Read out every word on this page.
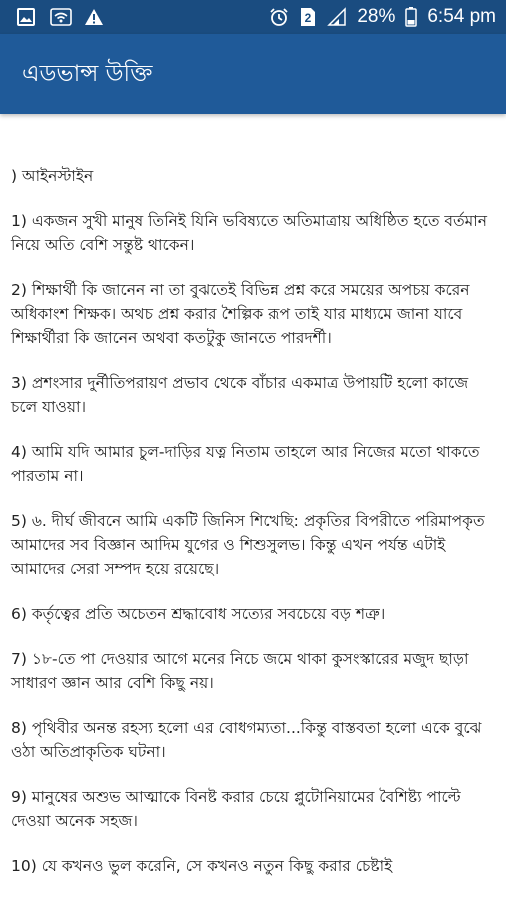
2 28% 6:54 pm
এডভান্স উক্তি

) আইনস্টাইন

1) একজন সুখী মানুষ তিনিই যিনি ভবিষ্যতে অতিমাত্রায় অধিষ্ঠিত হতে বর্তমান নিয়ে অতি বেশি সন্তুষ্ট থাকেন।

2) শিক্ষার্থী কি জানেন না তা বুঝতেই বিভিন্ন প্রশ্ন করে সময়ের অপচয় করেন অধিকাংশ শিক্ষক। অথচ প্রশ্ন করার শৈল্পিক রূপ তাই যার মাধ্যমে জানা যাবে শিক্ষার্থীরা কি জানেন অথবা কতটুকু জানতে পারদর্শী।

3) প্রশংসার দুর্নীতিপরায়ণ প্রভাব থেকে বাঁচার একমাত্র উপায়টি হলো কাজে চলে যাওয়া।

4) আমি যদি আমার চুল-দাড়ির যত্ন নিতাম তাহলে আর নিজের মতো থাকতে পারতাম না।

5) ৬. দীর্ঘ জীবনে আমি একটি জিনিস শিখেছি: প্রকৃতির বিপরীতে পরিমাপকৃত আমাদের সব বিজ্ঞান আদিম যুগের ও শিশুসুলভ। কিন্তু এখন পর্যন্ত এটাই আমাদের সেরা সম্পদ হয়ে রয়েছে।

6) কর্তৃত্বের প্রতি অচেতন শ্রদ্ধাবোধ সত্যের সবচেয়ে বড় শত্রু।

7) ১৮-তে পা দেওয়ার আগে মনের নিচে জমে থাকা কুসংস্কারের মজুদ ছাড়া সাধারণ জ্ঞান আর বেশি কিছু নয়।

8) পৃথিবীর অনন্ত রহস্য হলো এর বোধগম্যতা...কিন্তু বাস্তবতা হলো একে বুঝে ওঠা অতিপ্রাকৃতিক ঘটনা।

9) মানুষের অশুভ আত্মাকে বিনষ্ট করার চেয়ে প্লুটোনিয়ামের বৈশিষ্ট্য পাল্টে দেওয়া অনেক সহজ।

10) যে কখনও ভুল করেনি, সে কখনও নতুন কিছু করার চেষ্টাই
